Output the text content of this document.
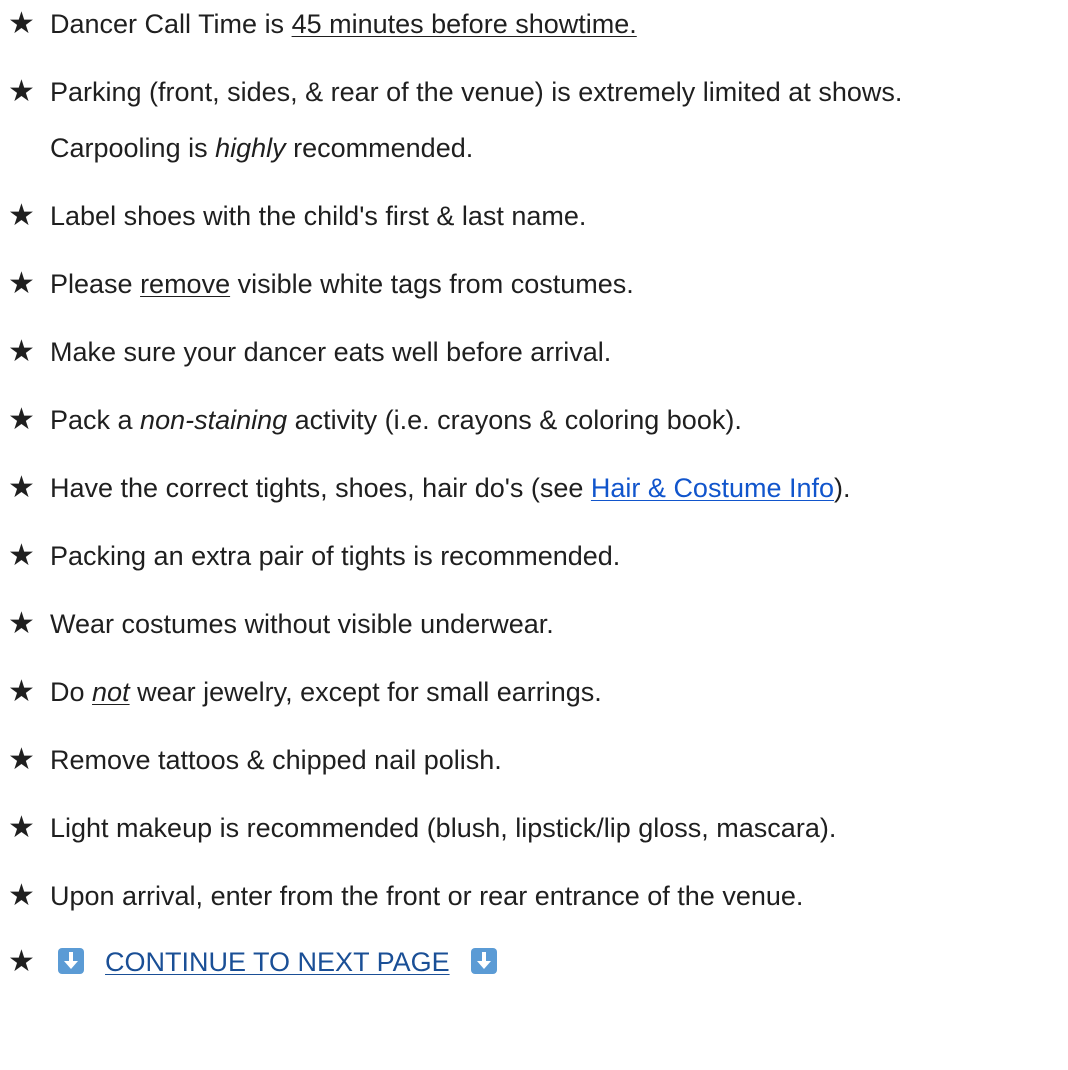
★ Dancer Call Time is 45 minutes before showtime.
★ Parking (front, sides, & rear of the venue) is extremely limited at shows.
Carpooling is highly recommended.
★ Label shoes with the child's first & last name.
★ Please remove visible white tags from costumes.
★ Make sure your dancer eats well before arrival.
★ Pack a non-staining activity (i.e. crayons & coloring book).
★ Have the correct tights, shoes, hair do's (see Hair & Costume Info).
★ Packing an extra pair of tights is recommended.
★ Wear costumes without visible underwear.
★ Do not wear jewelry, except for small earrings.
★ Remove tattoos & chipped nail polish.
★ Light makeup is recommended (blush, lipstick/lip gloss, mascara).
★ Upon arrival, enter from the front or rear entrance of the venue.
★	CONTINUE TO NEXT PAGE
